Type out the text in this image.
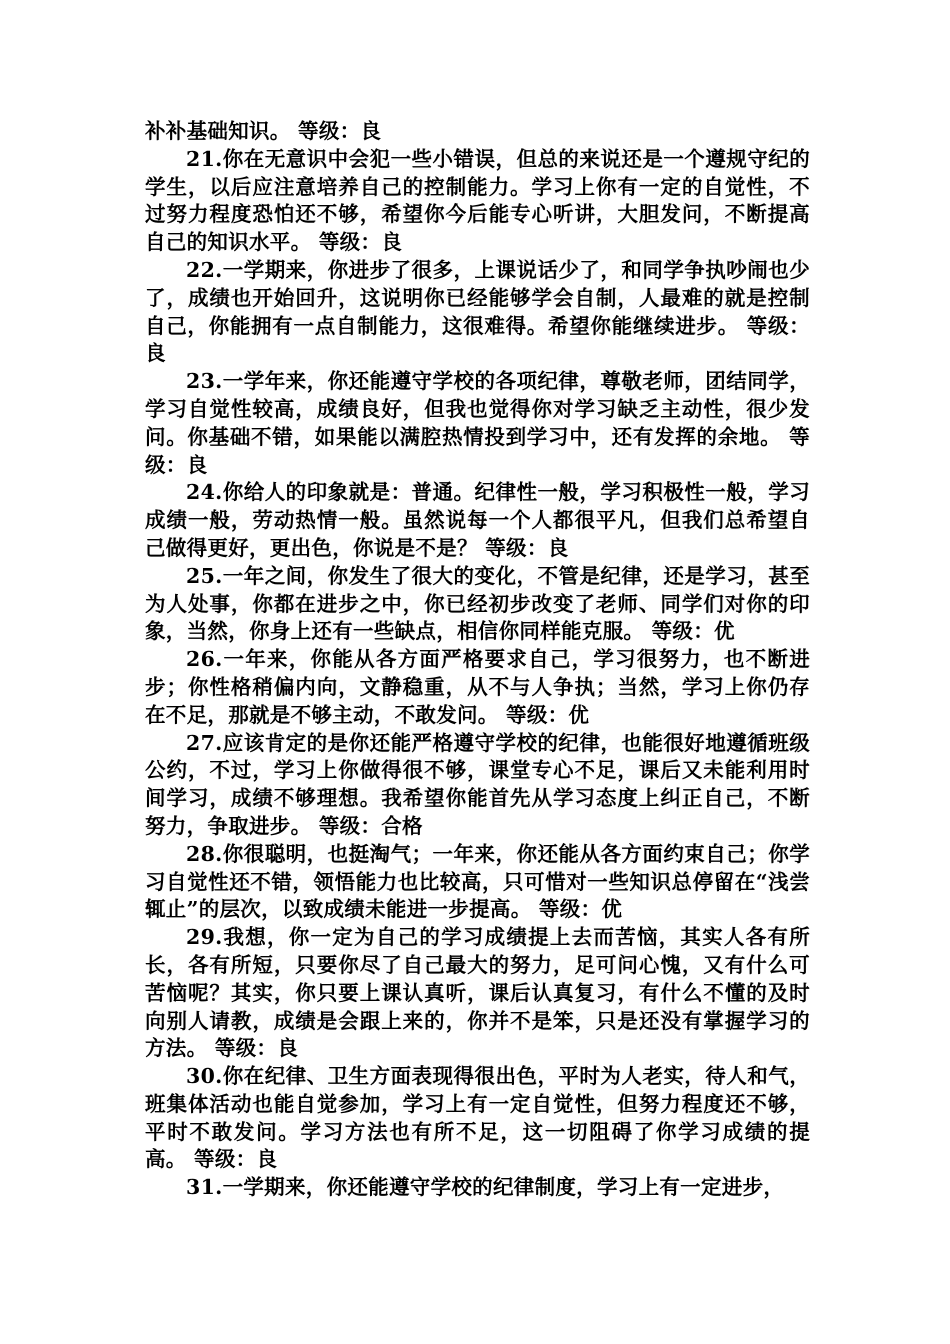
补补基础知识。 等级：良

21.你在无意识中会犯一些小错误，但总的来说还是一个遵规守纪的学生，以后应注意培养自己的控制能力。学习上你有一定的自觉性，不过努力程度恐怕还不够，希望你今后能专心听讲，大胆发问，不断提高自己的知识水平。 等级：良

22.一学期来，你进步了很多，上课说话少了，和同学争执吵闹也少了，成绩也开始回升，这说明你已经能够学会自制，人最难的就是控制自己，你能拥有一点自制能力，这很难得。希望你能继续进步。 等级：良

23.一学年来，你还能遵守学校的各项纪律，尊敬老师，团结同学，学习自觉性较高，成绩良好，但我也觉得你对学习缺乏主动性，很少发问。你基础不错，如果能以满腔热情投到学习中，还有发挥的余地。 等级：良

24.你给人的印象就是：普通。纪律性一般，学习积极性一般，学习成绩一般，劳动热情一般。虽然说每一个人都很平凡，但我们总希望自己做得更好，更出色，你说是不是？ 等级：良

25.一年之间，你发生了很大的变化，不管是纪律，还是学习，甚至为人处事，你都在进步之中，你已经初步改变了老师、同学们对你的印象，当然，你身上还有一些缺点，相信你同样能克服。 等级：优

26.一年来，你能从各方面严格要求自己，学习很努力，也不断进步；你性格稍偏内向，文静稳重，从不与人争执；当然，学习上你仍存在不足，那就是不够主动，不敢发问。 等级：优

27.应该肯定的是你还能严格遵守学校的纪律，也能很好地遵循班级公约，不过，学习上你做得很不够，课堂专心不足，课后又未能利用时间学习，成绩不够理想。我希望你能首先从学习态度上纠正自己，不断努力，争取进步。 等级：合格

28.你很聪明，也挺淘气；一年来，你还能从各方面约束自己；你学习自觉性还不错，领悟能力也比较高，只可惜对一些知识总停留在“浅尝辄止”的层次，以致成绩未能进一步提高。 等级：优

29.我想，你一定为自己的学习成绩提上去而苦恼，其实人各有所长，各有所短，只要你尽了自己最大的努力，足可问心愧，又有什么可苦恼呢？其实，你只要上课认真听，课后认真复习，有什么不懂的及时向别人请教，成绩是会跟上来的，你并不是笨，只是还没有掌握学习的方法。 等级：良

30.你在纪律、卫生方面表现得很出色，平时为人老实，待人和气，班集体活动也能自觉参加，学习上有一定自觉性，但努力程度还不够，平时不敢发问。学习方法也有所不足，这一切阻碍了你学习成绩的提高。 等级：良

31.一学期来，你还能遵守学校的纪律制度，学习上有一定进步，
